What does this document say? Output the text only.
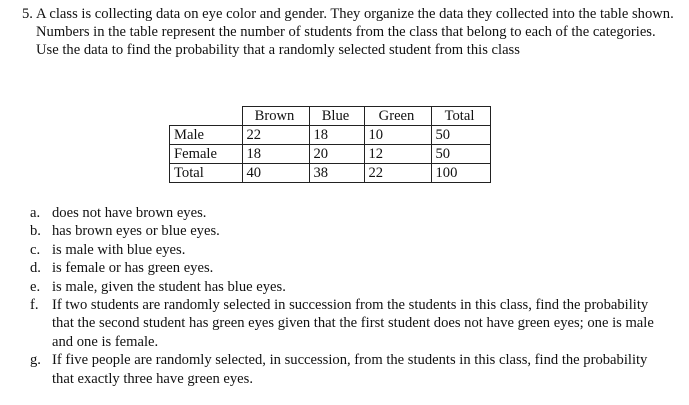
5. A class is collecting data on eye color and gender. They organize the data they collected into the table shown. Numbers in the table represent the number of students from the class that belong to each of the categories. Use the data to find the probability that a randomly selected student from this class

	Brown	Blue	Green	Total
Male	22	18	10	50
Female	18	20	12	50
Total	40	38	22	100
a. does not have brown eyes.
b. has brown eyes or blue eyes.
c. is male with blue eyes.
d. is female or has green eyes.
e. is male, given the student has blue eyes.
f. If two students are randomly selected in succession from the students in this class, find the probability that the second student has green eyes given that the first student does not have green eyes; one is male and one is female.
g. If five people are randomly selected, in succession, from the students in this class, find the probability that exactly three have green eyes.
